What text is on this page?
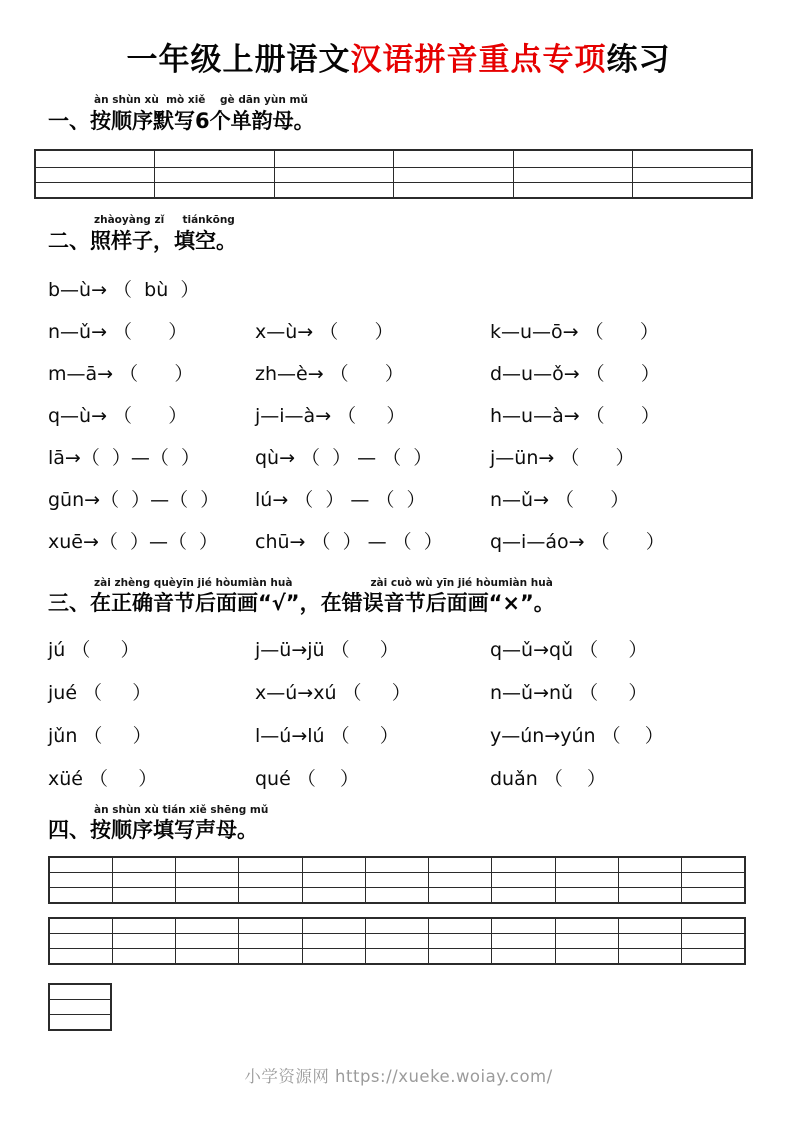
一年级上册语文汉语拼音重点专项练习
àn shùn xù  mò xiě    gè dān yùn mǔ
一、按顺序默写6个单韵母。

zhàoyàng zǐ     tiánkōng
二、照样子，填空。
b—ù→ （  bù  ）
n—ǔ→ （      ）	x—ù→ （      ）	k—u—ō→ （      ）
m—ā→ （      ）	zh—è→ （      ）	d—u—ǒ→ （      ）
q—ù→ （      ）	j—i—à→ （     ）	h—u—à→ （      ）
lā→（  ）—（  ）	qù→ （  ） — （  ）	j—ün→ （      ）
gūn→（  ）—（  ）	lú→ （  ） — （  ）	n—ǔ→ （      ）
xuē→（  ）—（  ）	chū→ （  ） — （  ）	q—i—áo→ （      ）
zài zhèng quèyīn jié hòumiàn huà	zài cuò wù yīn jié hòumiàn huà
三、在正确音节后面画“√”，在错误音节后面画“×”。
jú （     ）	j—ü→jü （     ）	q—ǔ→qǔ （     ）
jué （     ）	x—ú→xú （     ）	n—ǔ→nǔ （     ）
jǔn （     ）	l—ú→lú （     ）	y—ún→yún （    ）
xüé （     ）	qué （    ）	duǎn （    ）
àn shùn xù tián xiě shēng mǔ
四、按顺序填写声母。

小学资源网 https://xueke.woiay.com/
